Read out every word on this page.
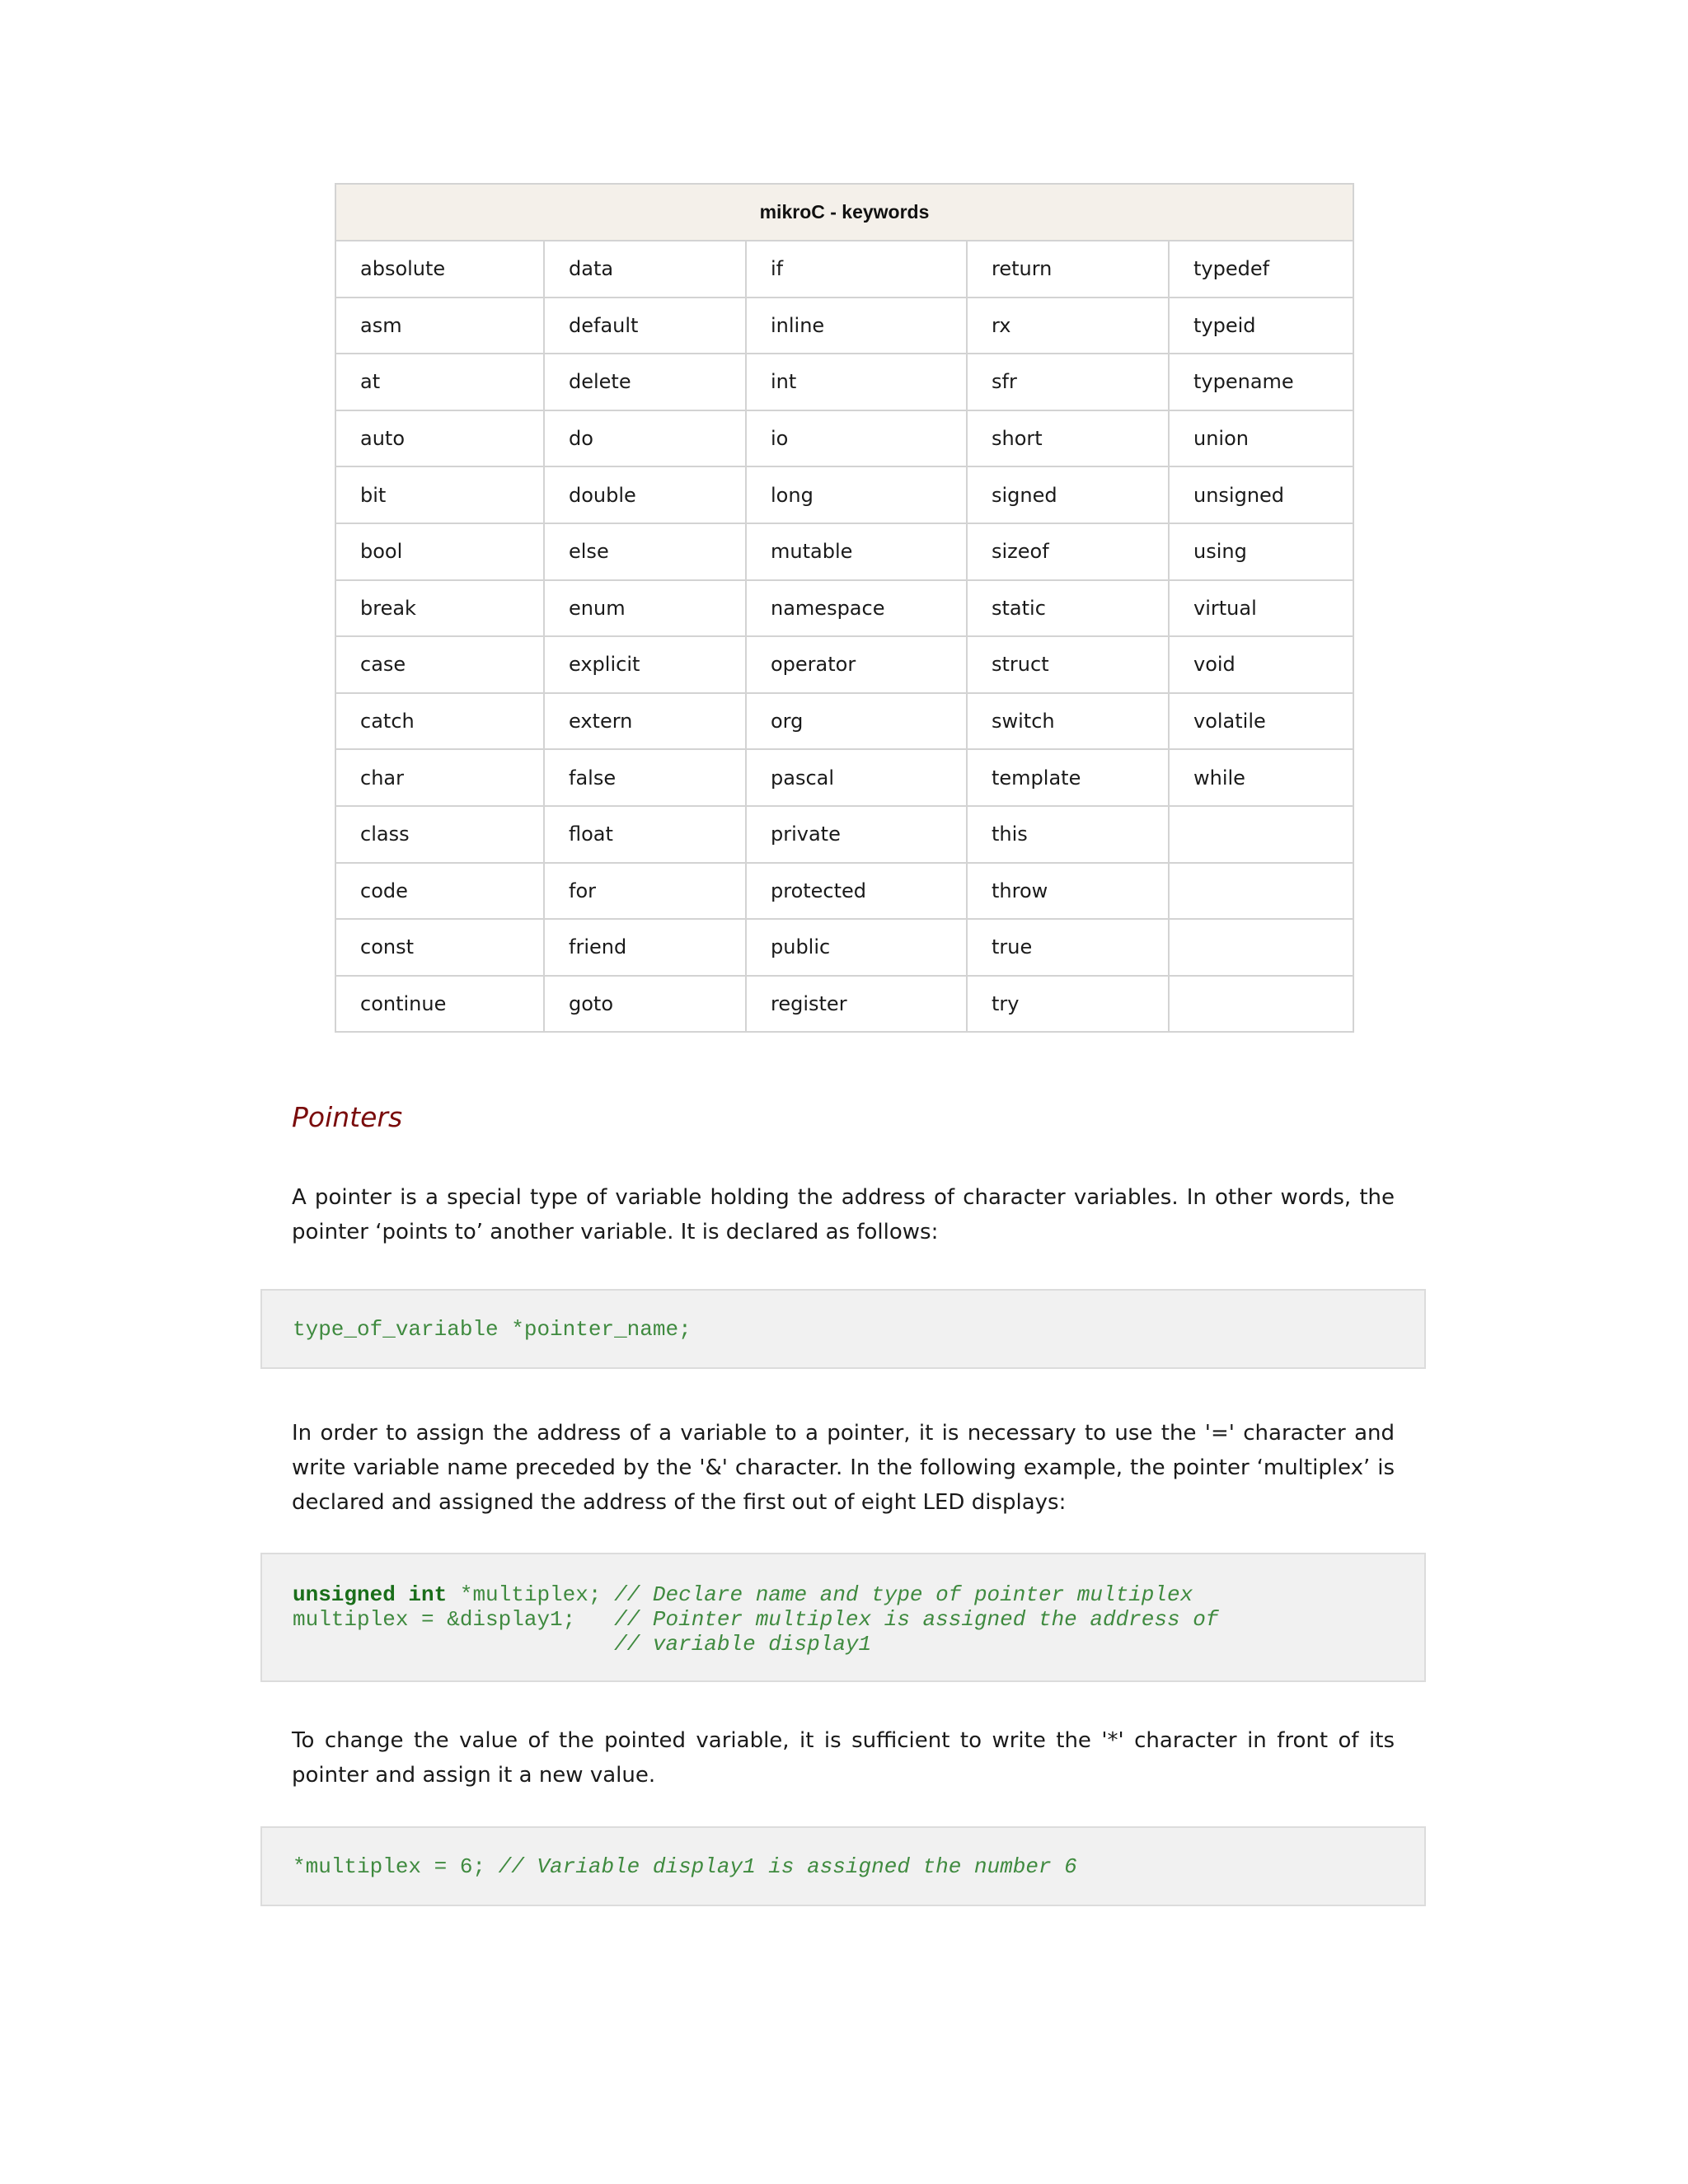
mikroC - keywords				
absolute	data	if	return	typedef
asm	default	inline	rx	typeid
at	delete	int	sfr	typename
auto	do	io	short	union
bit	double	long	signed	unsigned
bool	else	mutable	sizeof	using
break	enum	namespace	static	virtual
case	explicit	operator	struct	void
catch	extern	org	switch	volatile
char	false	pascal	template	while
class	float	private	this	
code	for	protected	throw	
const	friend	public	true	
continue	goto	register	try	
Pointers

A pointer is a special type of variable holding the address of character variables. In other words, the pointer ‘points to’ another variable. It is declared as follows:

type_of_variable *pointer_name;

In order to assign the address of a variable to a pointer, it is necessary to use the '=' character and write variable name preceded by the '&' character. In the following example, the pointer ‘multiplex’ is declared and assigned the address of the first out of eight LED displays:

unsigned int *multiplex; // Declare name and type of pointer multiplex
multiplex = &display1;   // Pointer multiplex is assigned the address of
// variable display1

To change the value of the pointed variable, it is sufficient to write the '*' character in front of its pointer and assign it a new value.

*multiplex = 6; // Variable display1 is assigned the number 6
